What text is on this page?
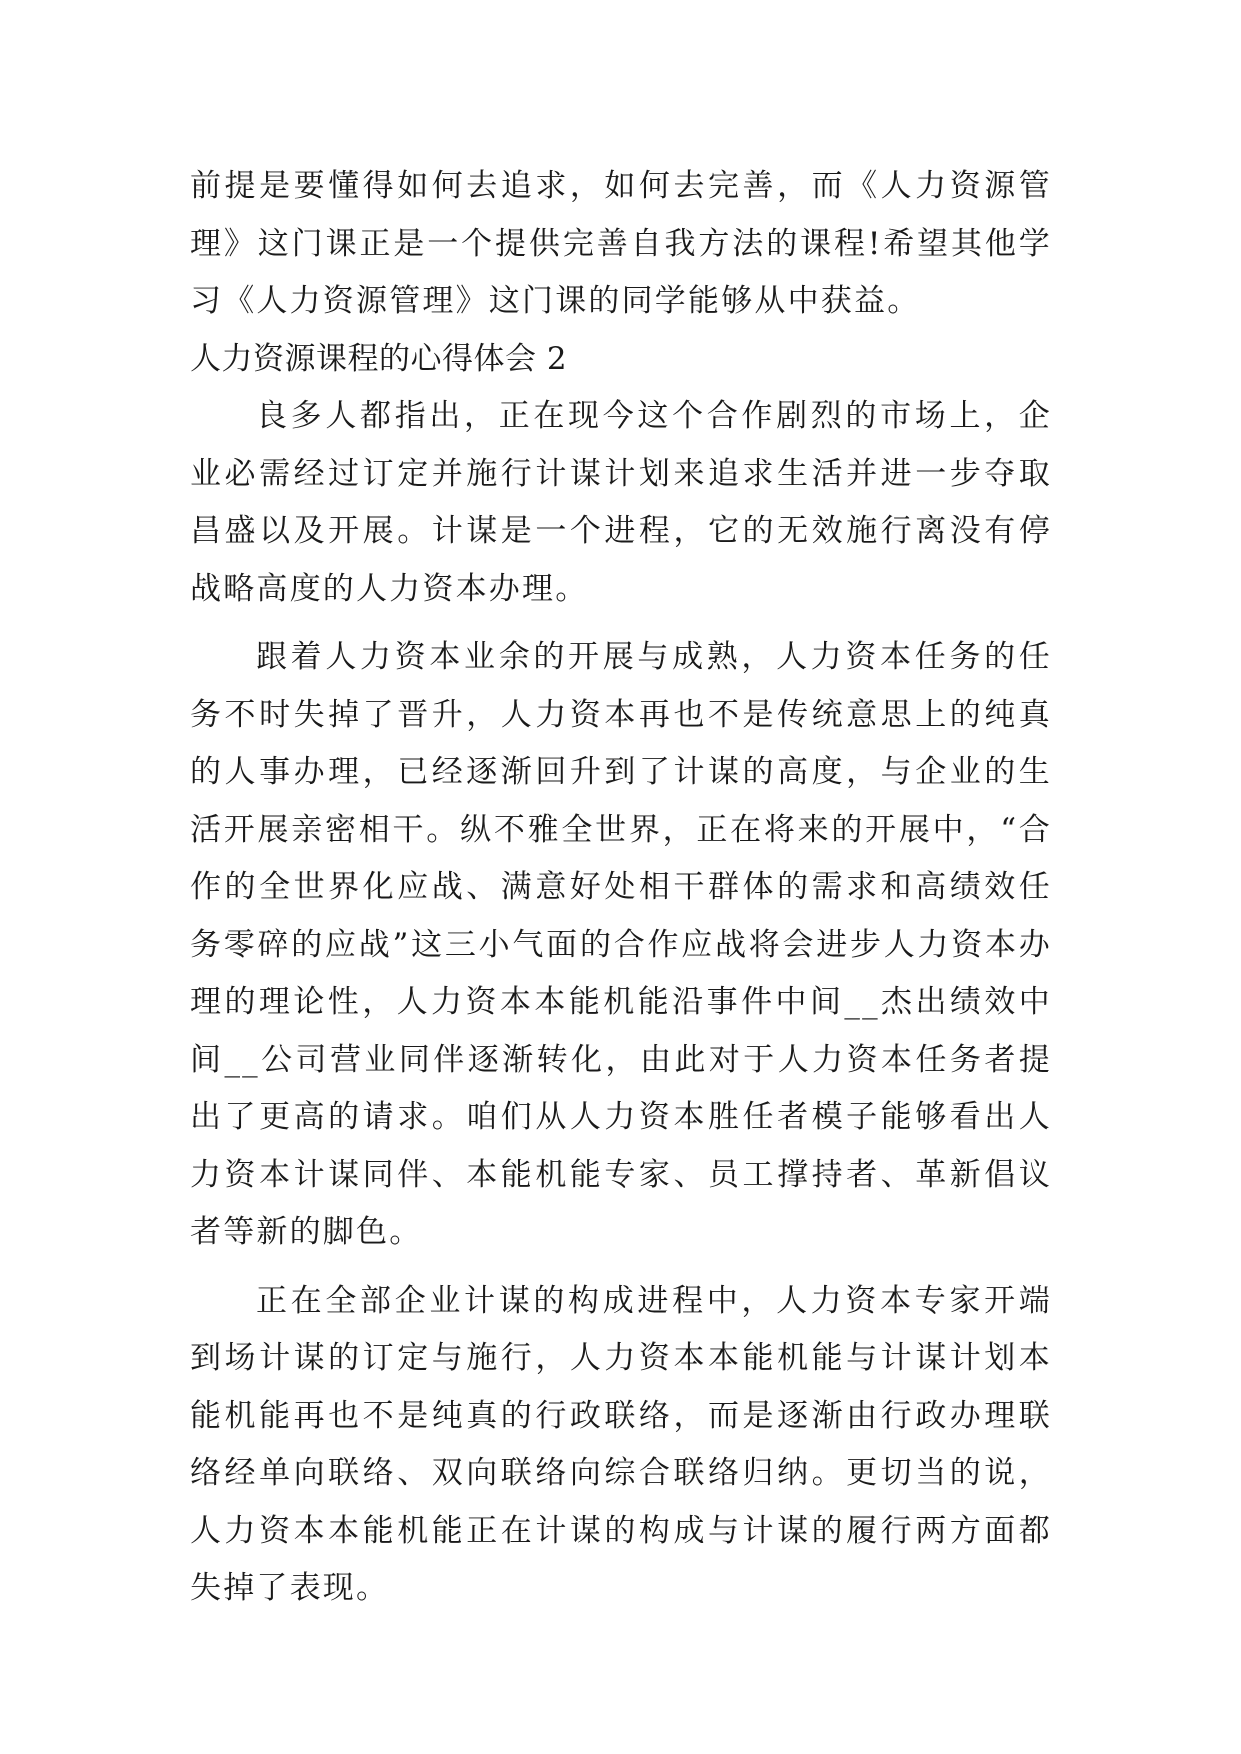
前提是要懂得如何去追求，如何去完善，而《人力资源管理》这门课正是一个提供完善自我方法的课程!希望其他学习《人力资源管理》这门课的同学能够从中获益。

人力资源课程的心得体会 2

良多人都指出，正在现今这个合作剧烈的市场上，企业必需经过订定并施行计谋计划来追求生活并进一步夺取昌盛以及开展。计谋是一个进程，它的无效施行离没有停战略高度的人力资本办理。

跟着人力资本业余的开展与成熟，人力资本任务的任务不时失掉了晋升，人力资本再也不是传统意思上的纯真的人事办理，已经逐渐回升到了计谋的高度，与企业的生活开展亲密相干。纵不雅全世界，正在将来的开展中，“合作的全世界化应战、满意好处相干群体的需求和高绩效任务零碎的应战”这三小气面的合作应战将会进步人力资本办理的理论性，人力资本本能机能沿事件中间__杰出绩效中间__公司营业同伴逐渐转化，由此对于人力资本任务者提出了更高的请求。咱们从人力资本胜任者模子能够看出人力资本计谋同伴、本能机能专家、员工撑持者、革新倡议者等新的脚色。

正在全部企业计谋的构成进程中，人力资本专家开端到场计谋的订定与施行，人力资本本能机能与计谋计划本能机能再也不是纯真的行政联络，而是逐渐由行政办理联络经单向联络、双向联络向综合联络归纳。更切当的说，人力资本本能机能正在计谋的构成与计谋的履行两方面都失掉了表现。
